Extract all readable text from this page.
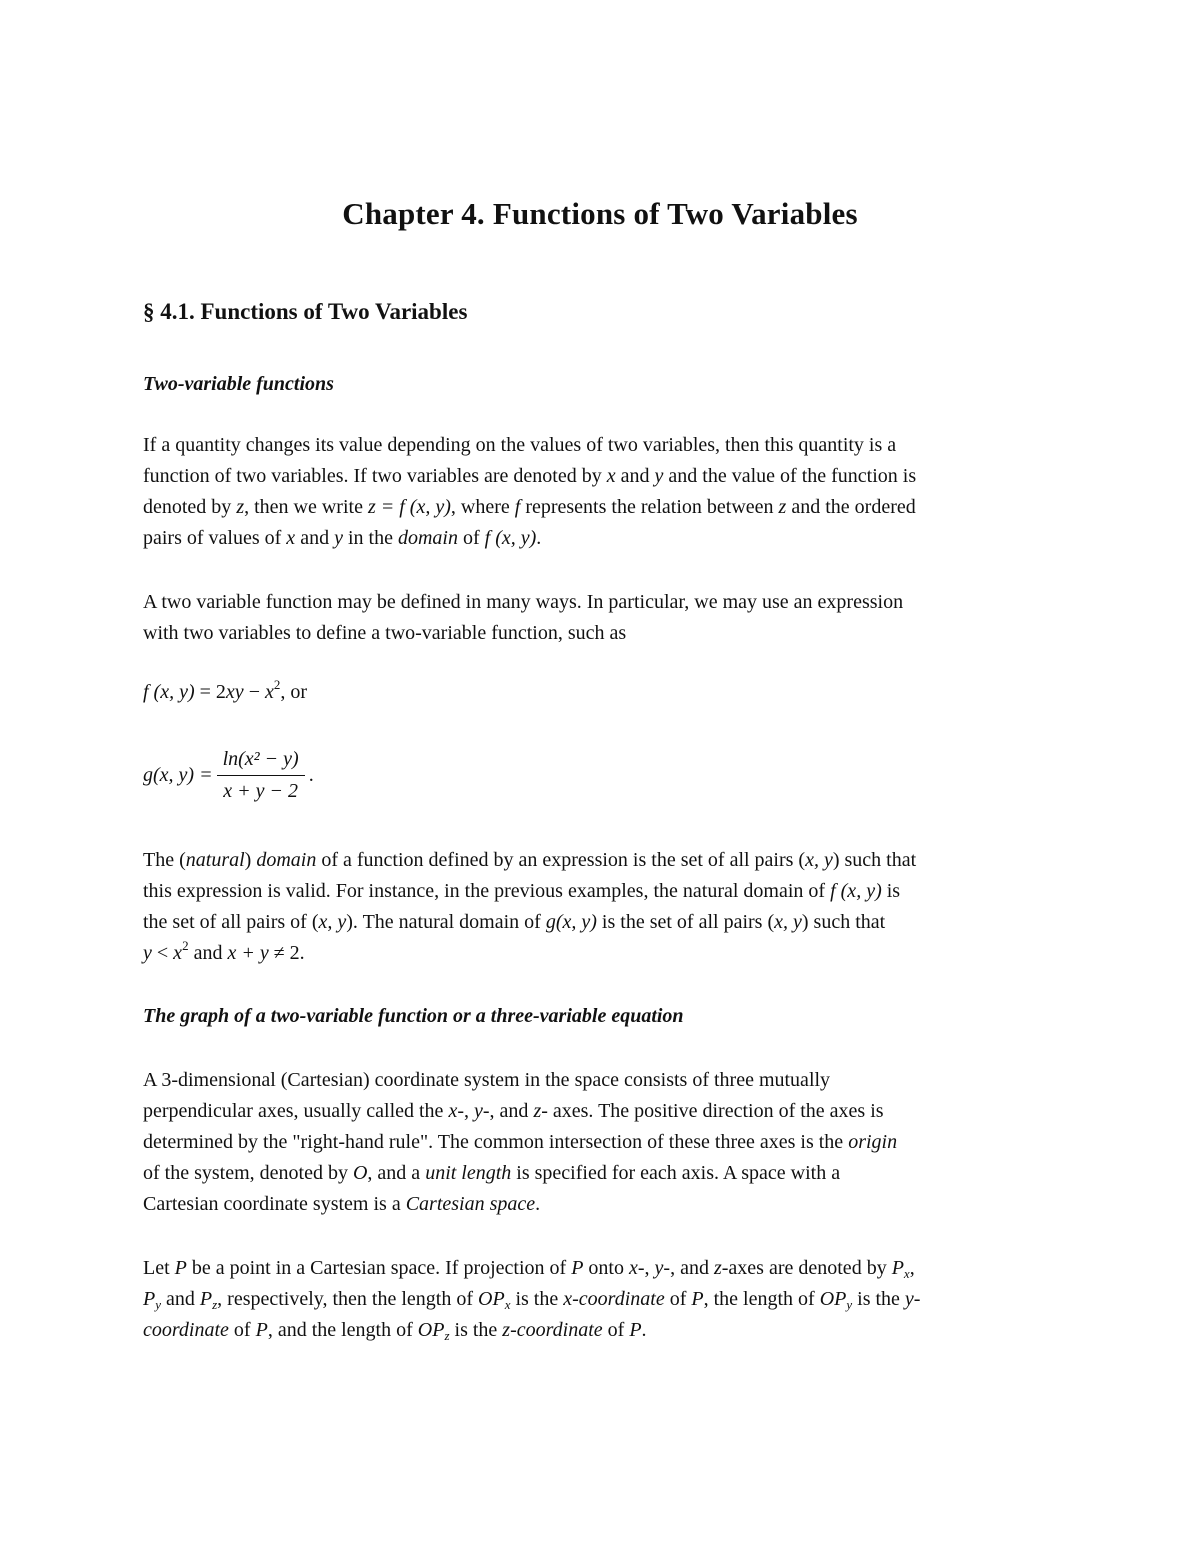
Chapter 4. Functions of Two Variables
§ 4.1. Functions of Two Variables
Two-variable functions
If a quantity changes its value depending on the values of two variables, then this quantity is a
function of two variables. If two variables are denoted by x and y and the value of the function is
denoted by z, then we write z = f (x, y), where f represents the relation between z and the ordered
pairs of values of x and y in the domain of f (x, y).
A two variable function may be defined in many ways. In particular, we may use an expression
with two variables to define a two-variable function, such as
f (x, $y) = 2xy - x^2$, or
g(x, $y) = \frac{\text{ln(x² − y)}}{x + y - 2}$ .
The (natural) domain of a function defined by an expression is the set of all pairs (x, y) such that
this expression is valid. For instance, in the previous examples, the natural domain of f (x, y) is
the set of all pairs of (x, y). The natural domain of g(x, y) is the set of all pairs (x, y) such that
$y < x^2$ and x + y ≠ 2.
The graph of a two-variable function or a three-variable equation
A 3-dimensional (Cartesian) coordinate system in the space consists of three mutually
perpendicular axes, usually called the x-, y-, and z- axes. The positive direction of the axes is
determined by the "right-hand rule". The common intersection of these three axes is the origin
of the system, denoted by O, and a unit length is specified for each axis. A space with a
Cartesian coordinate system is a Cartesian space.
Let P be a point in a Cartesian space. If projection of P onto x-, y-, and z-axes are denoted by $P_x$,
$P_y$ and $P_z$, respectively, then the length of $OP_x$ is the x-coordinate of P, the length of $OP_y$ is the y-
coordinate of P, and the length of $OP_z$ is the z-coordinate of P.
